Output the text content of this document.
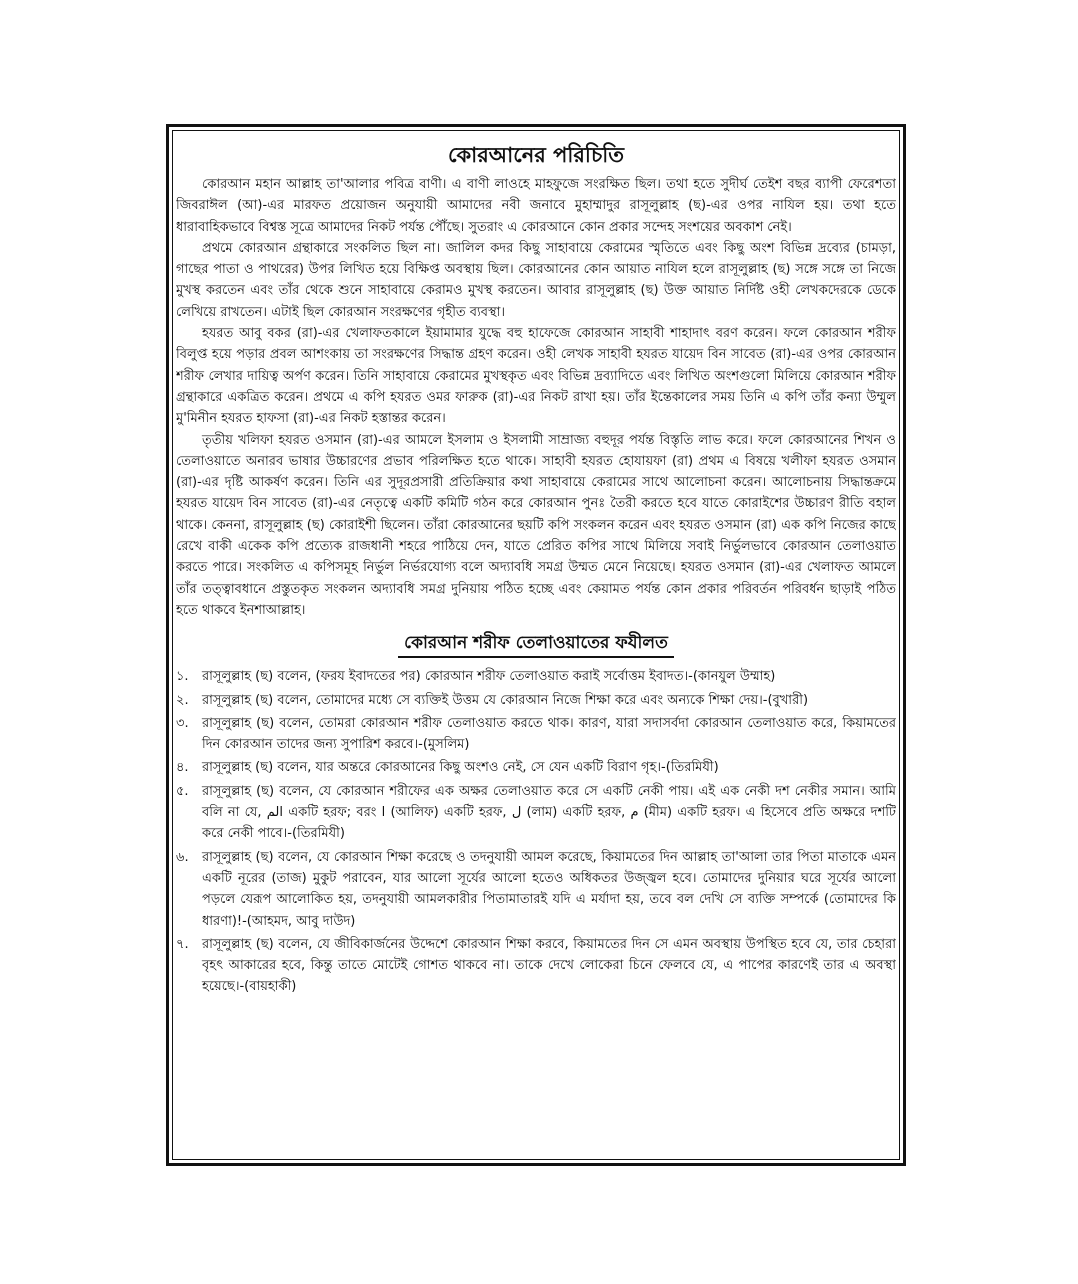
কোরআনের পরিচিতি

কোরআন মহান আল্লাহ তা'আলার পবিত্র বাণী। এ বাণী লাওহে মাহফুজে সংরক্ষিত ছিল। তথা হতে সুদীর্ঘ তেইশ বছর ব্যাপী ফেরেশতা জিবরাঈল (আ)-এর মারফত প্রয়োজন অনুযায়ী আমাদের নবী জনাবে মুহাম্মাদুর রাসূলুল্লাহ (ছ)-এর ওপর নাযিল হয়। তথা হতে ধারাবাহিকভাবে বিশ্বস্ত সূত্রে আমাদের নিকট পর্যন্ত পৌঁছে। সুতরাং এ কোরআনে কোন প্রকার সন্দেহ সংশয়ের অবকাশ নেই।

প্রথমে কোরআন গ্রন্থাকারে সংকলিত ছিল না। জালিল কদর কিছু সাহাবায়ে কেরামের স্মৃতিতে এবং কিছু অংশ বিভিন্ন দ্রব্যের (চামড়া, গাছের পাতা ও পাথরের) উপর লিখিত হয়ে বিক্ষিপ্ত অবস্থায় ছিল। কোরআনের কোন আয়াত নাযিল হলে রাসূলুল্লাহ (ছ) সঙ্গে সঙ্গে তা নিজে মুখস্থ করতেন এবং তাঁর থেকে শুনে সাহাবায়ে কেরামও মুখস্থ করতেন। আবার রাসূলুল্লাহ (ছ) উক্ত আয়াত নির্দিষ্ট ওহী লেখকদেরকে ডেকে লেখিয়ে রাখতেন। এটাই ছিল কোরআন সংরক্ষণের গৃহীত ব্যবস্থা।

হযরত আবু বকর (রা)-এর খেলাফতকালে ইয়ামামার যুদ্ধে বহু হাফেজে কোরআন সাহাবী শাহাদাৎ বরণ করেন। ফলে কোরআন শরীফ বিলুপ্ত হয়ে পড়ার প্রবল আশংকায় তা সংরক্ষণের সিদ্ধান্ত গ্রহণ করেন। ওহী লেখক সাহাবী হযরত যায়েদ বিন সাবেত (রা)-এর ওপর কোরআন শরীফ লেখার দায়িত্ব অর্পণ করেন। তিনি সাহাবায়ে কেরামের মুখস্থকৃত এবং বিভিন্ন দ্রব্যাদিতে এবং লিখিত অংশগুলো মিলিয়ে কোরআন শরীফ গ্রন্থাকারে একত্রিত করেন। প্রথমে এ কপি হযরত ওমর ফারুক (রা)-এর নিকট রাখা হয়। তাঁর ইন্তেকালের সময় তিনি এ কপি তাঁর কন্যা উম্মুল মু'মিনীন হযরত হাফসা (রা)-এর নিকট হস্তান্তর করেন।

তৃতীয় খলিফা হযরত ওসমান (রা)-এর আমলে ইসলাম ও ইসলামী সাম্রাজ্য বহুদূর পর্যন্ত বিস্তৃতি লাভ করে। ফলে কোরআনের শিখন ও তেলাওয়াতে অনারব ভাষার উচ্চারণের প্রভাব পরিলক্ষিত হতে থাকে। সাহাবী হযরত হোযায়ফা (রা) প্রথম এ বিষয়ে খলীফা হযরত ওসমান (রা)-এর দৃষ্টি আকর্ষণ করেন। তিনি এর সুদূরপ্রসারী প্রতিক্রিয়ার কথা সাহাবায়ে কেরামের সাথে আলোচনা করেন। আলোচনায় সিদ্ধান্তক্রমে হযরত যায়েদ বিন সাবেত (রা)-এর নেতৃত্বে একটি কমিটি গঠন করে কোরআন পুনঃ তৈরী করতে হবে যাতে কোরাইশের উচ্চারণ রীতি বহাল থাকে। কেননা, রাসূলুল্লাহ (ছ) কোরাইশী ছিলেন। তাঁরা কোরআনের ছয়টি কপি সংকলন করেন এবং হযরত ওসমান (রা) এক কপি নিজের কাছে রেখে বাকী একেক কপি প্রত্যেক রাজধানী শহরে পাঠিয়ে দেন, যাতে প্রেরিত কপির সাথে মিলিয়ে সবাই নির্ভুলভাবে কোরআন তেলাওয়াত করতে পারে। সংকলিত এ কপিসমূহ নির্ভুল নির্ভরযোগ্য বলে অদ্যাবধি সমগ্র উম্মত মেনে নিয়েছে। হযরত ওসমান (রা)-এর খেলাফত আমলে তাঁর তত্ত্বাবধানে প্রস্তুতকৃত সংকলন অদ্যাবধি সমগ্র দুনিয়ায় পঠিত হচ্ছে এবং কেয়ামত পর্যন্ত কোন প্রকার পরিবর্তন পরিবর্ধন ছাড়াই পঠিত হতে থাকবে ইনশাআল্লাহ।

কোরআন শরীফ তেলাওয়াতের ফযীলত
১.	রাসূলুল্লাহ (ছ) বলেন, (ফরয ইবাদতের পর) কোরআন শরীফ তেলাওয়াত করাই সর্বোত্তম ইবাদত।-(কানযুল উম্মাহ)
২.	রাসূলুল্লাহ (ছ) বলেন, তোমাদের মধ্যে সে ব্যক্তিই উত্তম যে কোরআন নিজে শিক্ষা করে এবং অন্যকে শিক্ষা দেয়।-(বুখারী)
৩.	রাসূলুল্লাহ (ছ) বলেন, তোমরা কোরআন শরীফ তেলাওয়াত করতে থাক। কারণ, যারা সদাসর্বদা কোরআন তেলাওয়াত করে, কিয়ামতের দিন কোরআন তাদের জন্য সুপারিশ করবে।-(মুসলিম)
৪.	রাসূলুল্লাহ (ছ) বলেন, যার অন্তরে কোরআনের কিছু অংশও নেই, সে যেন একটি বিরাণ গৃহ।-(তিরমিযী)
৫.	রাসূলুল্লাহ (ছ) বলেন, যে কোরআন শরীফের এক অক্ষর তেলাওয়াত করে সে একটি নেকী পায়। এই এক নেকী দশ নেকীর সমান। আমি বলি না যে, الم একটি হরফ; বরং ا (আলিফ) একটি হরফ, ل (লাম) একটি হরফ, م (মীম) একটি হরফ। এ হিসেবে প্রতি অক্ষরে দশটি করে নেকী পাবে।-(তিরমিযী)
৬.	রাসূলুল্লাহ (ছ) বলেন, যে কোরআন শিক্ষা করেছে ও তদনুযায়ী আমল করেছে, কিয়ামতের দিন আল্লাহ তা'আলা তার পিতা মাতাকে এমন একটি নূরের (তাজ) মুকুট পরাবেন, যার আলো সূর্যের আলো হতেও অধিকতর উজ্জ্বল হবে। তোমাদের দুনিয়ার ঘরে সূর্যের আলো পড়লে যেরূপ আলোকিত হয়, তদনুযায়ী আমলকারীর পিতামাতারই যদি এ মর্যাদা হয়, তবে বল দেখি সে ব্যক্তি সম্পর্কে (তোমাদের কি ধারণা)!-(আহমদ, আবু দাউদ)
৭.	রাসূলুল্লাহ (ছ) বলেন, যে জীবিকার্জনের উদ্দেশে কোরআন শিক্ষা করবে, কিয়ামতের দিন সে এমন অবস্থায় উপস্থিত হবে যে, তার চেহারা বৃহৎ আকারের হবে, কিন্তু তাতে মোটেই গোশত থাকবে না। তাকে দেখে লোকেরা চিনে ফেলবে যে, এ পাপের কারণেই তার এ অবস্থা হয়েছে।-(বায়হাকী)
